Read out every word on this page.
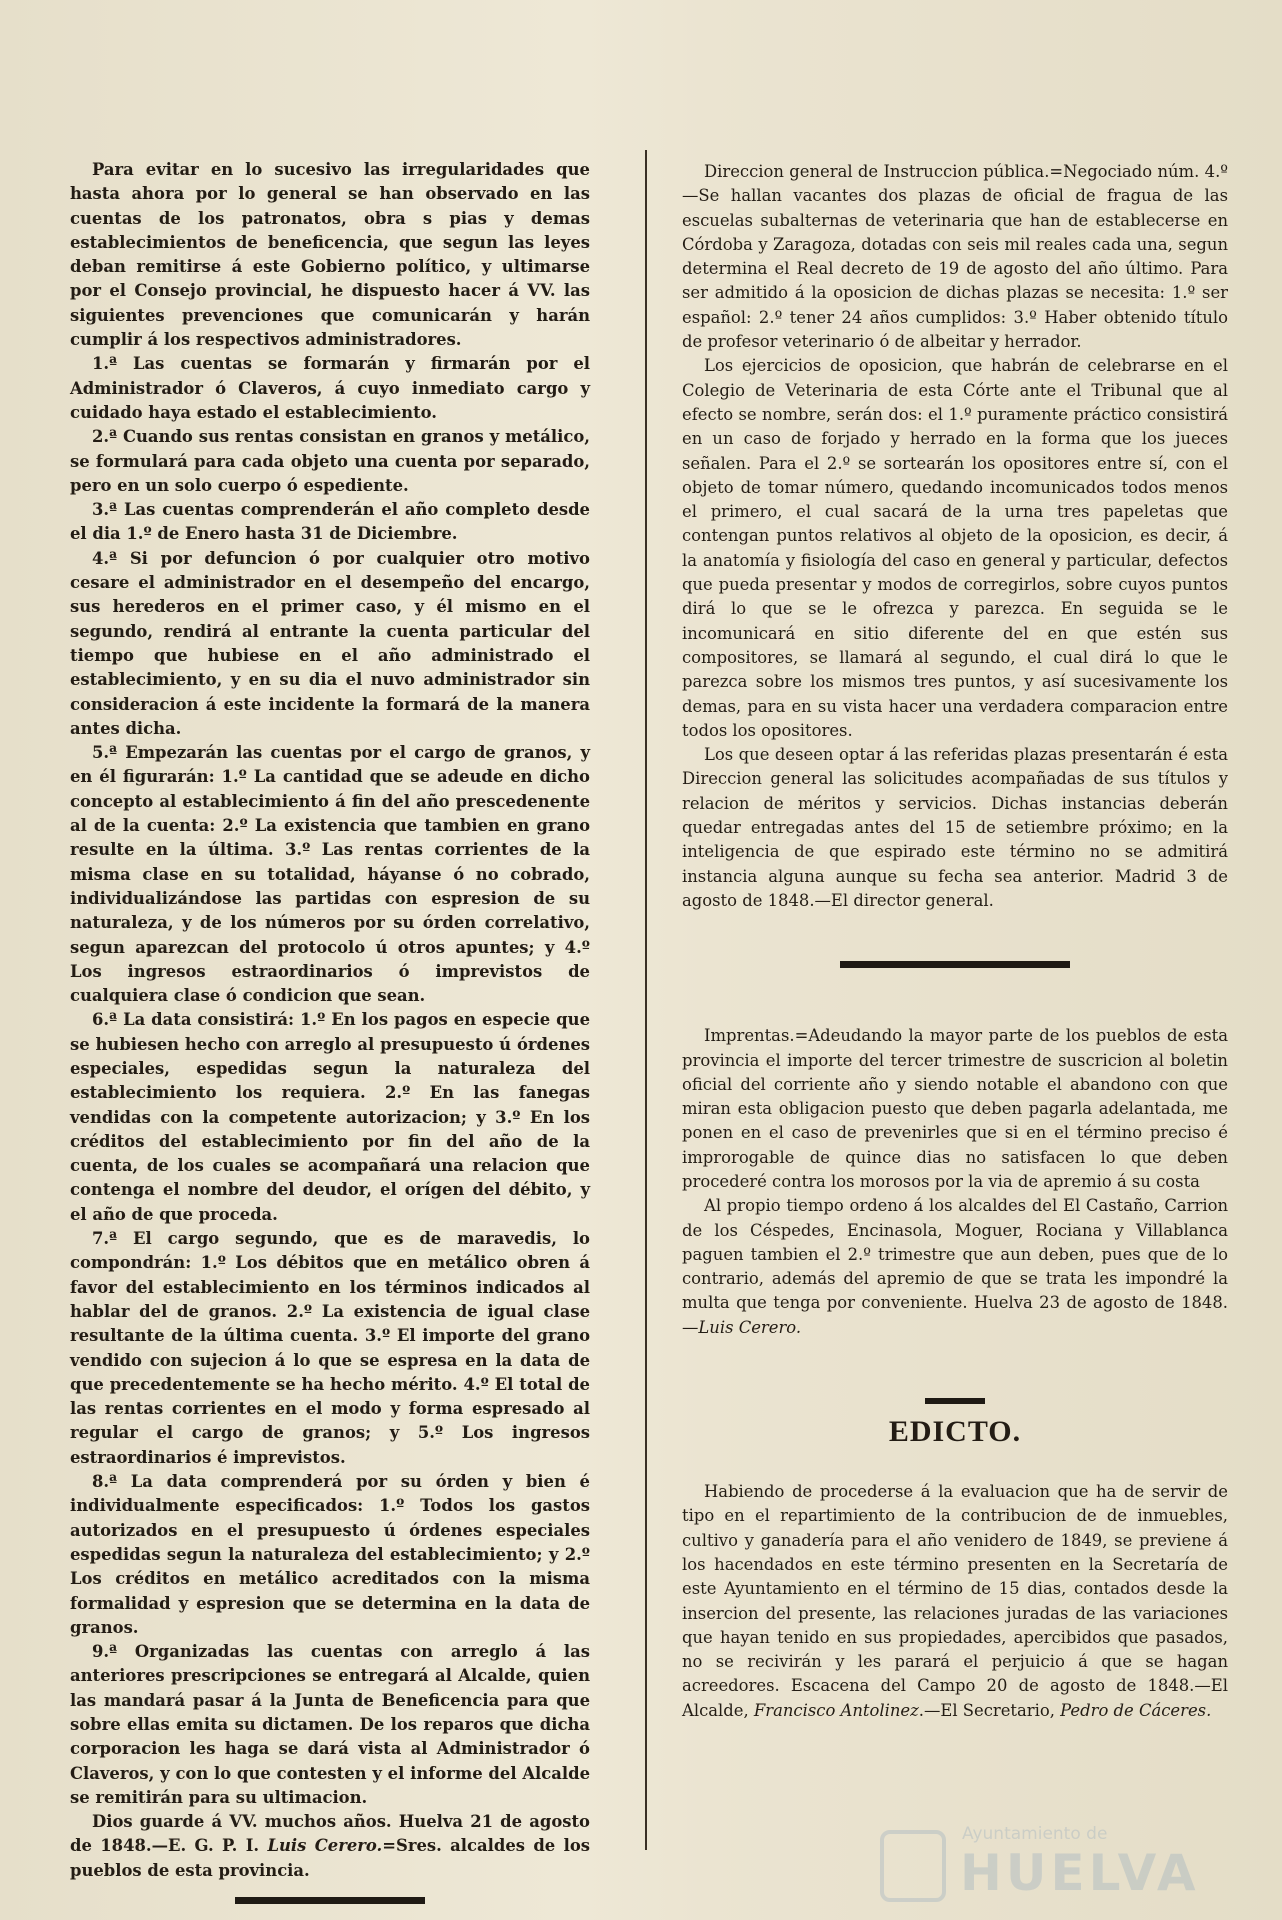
Para evitar en lo sucesivo las irregularidades que hasta ahora por lo general se han observado en las cuentas de los patronatos, obra s pias y demas establecimientos de beneficencia, que segun las leyes deban remitirse á este Gobierno político, y ultimarse por el Consejo provincial, he dispuesto hacer á VV. las siguientes prevenciones que comunicarán y harán cumplir á los respectivos administradores.

1.ª Las cuentas se formarán y firmarán por el Administrador ó Claveros, á cuyo inmediato cargo y cuidado haya estado el establecimiento.

2.ª Cuando sus rentas consistan en granos y metálico, se formulará para cada objeto una cuenta por separado, pero en un solo cuerpo ó espediente.

3.ª Las cuentas comprenderán el año completo desde el dia 1.º de Enero hasta 31 de Diciembre.

4.ª Si por defuncion ó por cualquier otro motivo cesare el administrador en el desempeño del encargo, sus herederos en el primer caso, y él mismo en el segundo, rendirá al entrante la cuenta particular del tiempo que hubiese en el año administrado el establecimiento, y en su dia el nuvo administrador sin consideracion á este incidente la formará de la manera antes dicha.

5.ª Empezarán las cuentas por el cargo de granos, y en él figurarán: 1.º La cantidad que se adeude en dicho concepto al establecimiento á fin del año prescedenente al de la cuenta: 2.º La existencia que tambien en grano resulte en la última. 3.º Las rentas corrientes de la misma clase en su totalidad, háyanse ó no cobrado, individualizándose las partidas con espresion de su naturaleza, y de los números por su órden correlativo, segun aparezcan del protocolo ú otros apuntes; y 4.º Los ingresos estraordinarios ó imprevistos de cualquiera clase ó condicion que sean.

6.ª La data consistirá: 1.º En los pagos en especie que se hubiesen hecho con arreglo al presupuesto ú órdenes especiales, espedidas segun la naturaleza del establecimiento los requiera. 2.º En las fanegas vendidas con la competente autorizacion; y 3.º En los créditos del establecimiento por fin del año de la cuenta, de los cuales se acompañará una relacion que contenga el nombre del deudor, el orígen del débito, y el año de que proceda.

7.ª El cargo segundo, que es de maravedis, lo compondrán: 1.º Los débitos que en metálico obren á favor del establecimiento en los términos indicados al hablar del de granos. 2.º La existencia de igual clase resultante de la última cuenta. 3.º El importe del grano vendido con sujecion á lo que se espresa en la data de que precedentemente se ha hecho mérito. 4.º El total de las rentas corrientes en el modo y forma espresado al regular el cargo de granos; y 5.º Los ingresos estraordinarios é imprevistos.

8.ª La data comprenderá por su órden y bien é individualmente especificados: 1.º Todos los gastos autorizados en el presupuesto ú órdenes especiales espedidas segun la naturaleza del establecimiento; y 2.º Los créditos en metálico acreditados con la misma formalidad y espresion que se determina en la data de granos.

9.ª Organizadas las cuentas con arreglo á las anteriores prescripciones se entregará al Alcalde, quien las mandará pasar á la Junta de Beneficencia para que sobre ellas emita su dictamen. De los reparos que dicha corporacion les haga se dará vista al Administrador ó Claveros, y con lo que contesten y el informe del Alcalde se remitirán para su ultimacion.

Dios guarde á VV. muchos años. Huelva 21 de agosto de 1848.—E. G. P. I. Luis Cerero.=Sres. alcaldes de los pueblos de esta provincia.

Direccion general de Instruccion pública.=Negociado núm. 4.º—Se hallan vacantes dos plazas de oficial de fragua de las escuelas subalternas de veterinaria que han de establecerse en Córdoba y Zaragoza, dotadas con seis mil reales cada una, segun determina el Real decreto de 19 de agosto del año último. Para ser admitido á la oposicion de dichas plazas se necesita: 1.º ser español: 2.º tener 24 años cumplidos: 3.º Haber obtenido título de profesor veterinario ó de albeitar y herrador.

Los ejercicios de oposicion, que habrán de celebrarse en el Colegio de Veterinaria de esta Córte ante el Tribunal que al efecto se nombre, serán dos: el 1.º puramente práctico consistirá en un caso de forjado y herrado en la forma que los jueces señalen. Para el 2.º se sortearán los opositores entre sí, con el objeto de tomar número, quedando incomunicados todos menos el primero, el cual sacará de la urna tres papeletas que contengan puntos relativos al objeto de la oposicion, es decir, á la anatomía y fisiología del caso en general y particular, defectos que pueda presentar y modos de corregirlos, sobre cuyos puntos dirá lo que se le ofrezca y parezca. En seguida se le incomunicará en sitio diferente del en que estén sus compositores, se llamará al segundo, el cual dirá lo que le parezca sobre los mismos tres puntos, y así sucesivamente los demas, para en su vista hacer una verdadera comparacion entre todos los opositores.

Los que deseen optar á las referidas plazas presentarán é esta Direccion general las solicitudes acompañadas de sus títulos y relacion de méritos y servicios. Dichas instancias deberán quedar entregadas antes del 15 de setiembre próximo; en la inteligencia de que espirado este término no se admitirá instancia alguna aunque su fecha sea anterior. Madrid 3 de agosto de 1848.—El director general.

Imprentas.=Adeudando la mayor parte de los pueblos de esta provincia el importe del tercer trimestre de suscricion al boletin oficial del corriente año y siendo notable el abandono con que miran esta obligacion puesto que deben pagarla adelantada, me ponen en el caso de prevenirles que si en el término preciso é improrogable de quince dias no satisfacen lo que deben procederé contra los morosos por la via de apremio á su costa

Al propio tiempo ordeno á los alcaldes del El Castaño, Carrion de los Céspedes, Encinasola, Moguer, Rociana y Villablanca paguen tambien el 2.º trimestre que aun deben, pues que de lo contrario, además del apremio de que se trata les impondré la multa que tenga por conveniente. Huelva 23 de agosto de 1848.—Luis Cerero.

EDICTO.

Habiendo de procederse á la evaluacion que ha de servir de tipo en el repartimiento de la contribucion de de inmuebles, cultivo y ganadería para el año venidero de 1849, se previene á los hacendados en este término presenten en la Secretaría de este Ayuntamiento en el término de 15 dias, contados desde la insercion del presente, las relaciones juradas de las variaciones que hayan tenido en sus propiedades, apercibidos que pasados, no se recivirán y les parará el perjuicio á que se hagan acreedores. Escacena del Campo 20 de agosto de 1848.—El Alcalde, Francisco Antolinez.—El Secretario, Pedro de Cáceres.

Ayuntamiento de
HUELVA
